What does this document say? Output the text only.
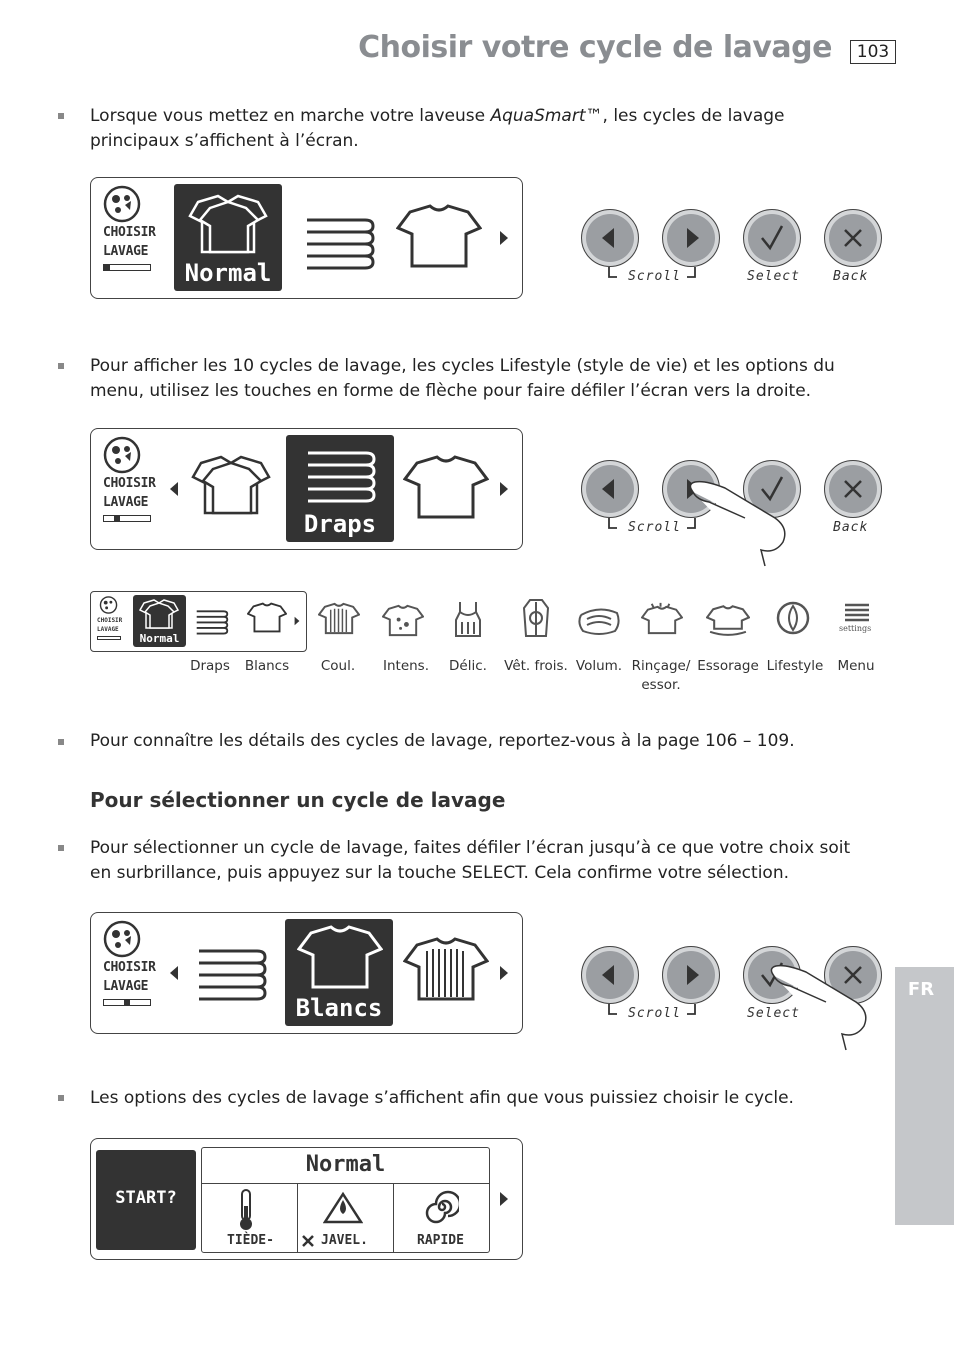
Choisir votre cycle de lavage	103
FR
Lorsque vous mettez en marche votre laveuse AquaSmart™, les cycles de lavage principaux s’affichent à l’écran.
CHOISIR
LAVAGE
Normal	Scroll	Select	Back
Pour afficher les 10 cycles de lavage, les cycles Lifestyle (style de vie) et les options du menu, utilisez les touches en forme de flèche pour faire défiler l’écran vers la droite.
CHOISIR
LAVAGE
Draps	Scroll	Back
CHOISIR
LAVAGE
Normal
settings
Draps	Blancs	Coul.	Intens.	Délic.	Vêt. frois. Volum. Rinçage/ essor.
Essorage Lifestyle	Menu
Pour connaître les détails des cycles de lavage, reportez-vous à la page 106 – 109.
Pour sélectionner un cycle de lavage
Pour sélectionner un cycle de lavage, faites défiler l’écran jusqu’à ce que votre choix soit en surbrillance, puis appuyez sur la touche SELECT. Cela confirme votre sélection.
CHOISIR
LAVAGE
Blancs	Scroll	Select
Les options des cycles de lavage s’affichent afin que vous puissiez choisir le cycle.
START?
Normal
TIÈDE-	JAVEL.	RAPIDE
